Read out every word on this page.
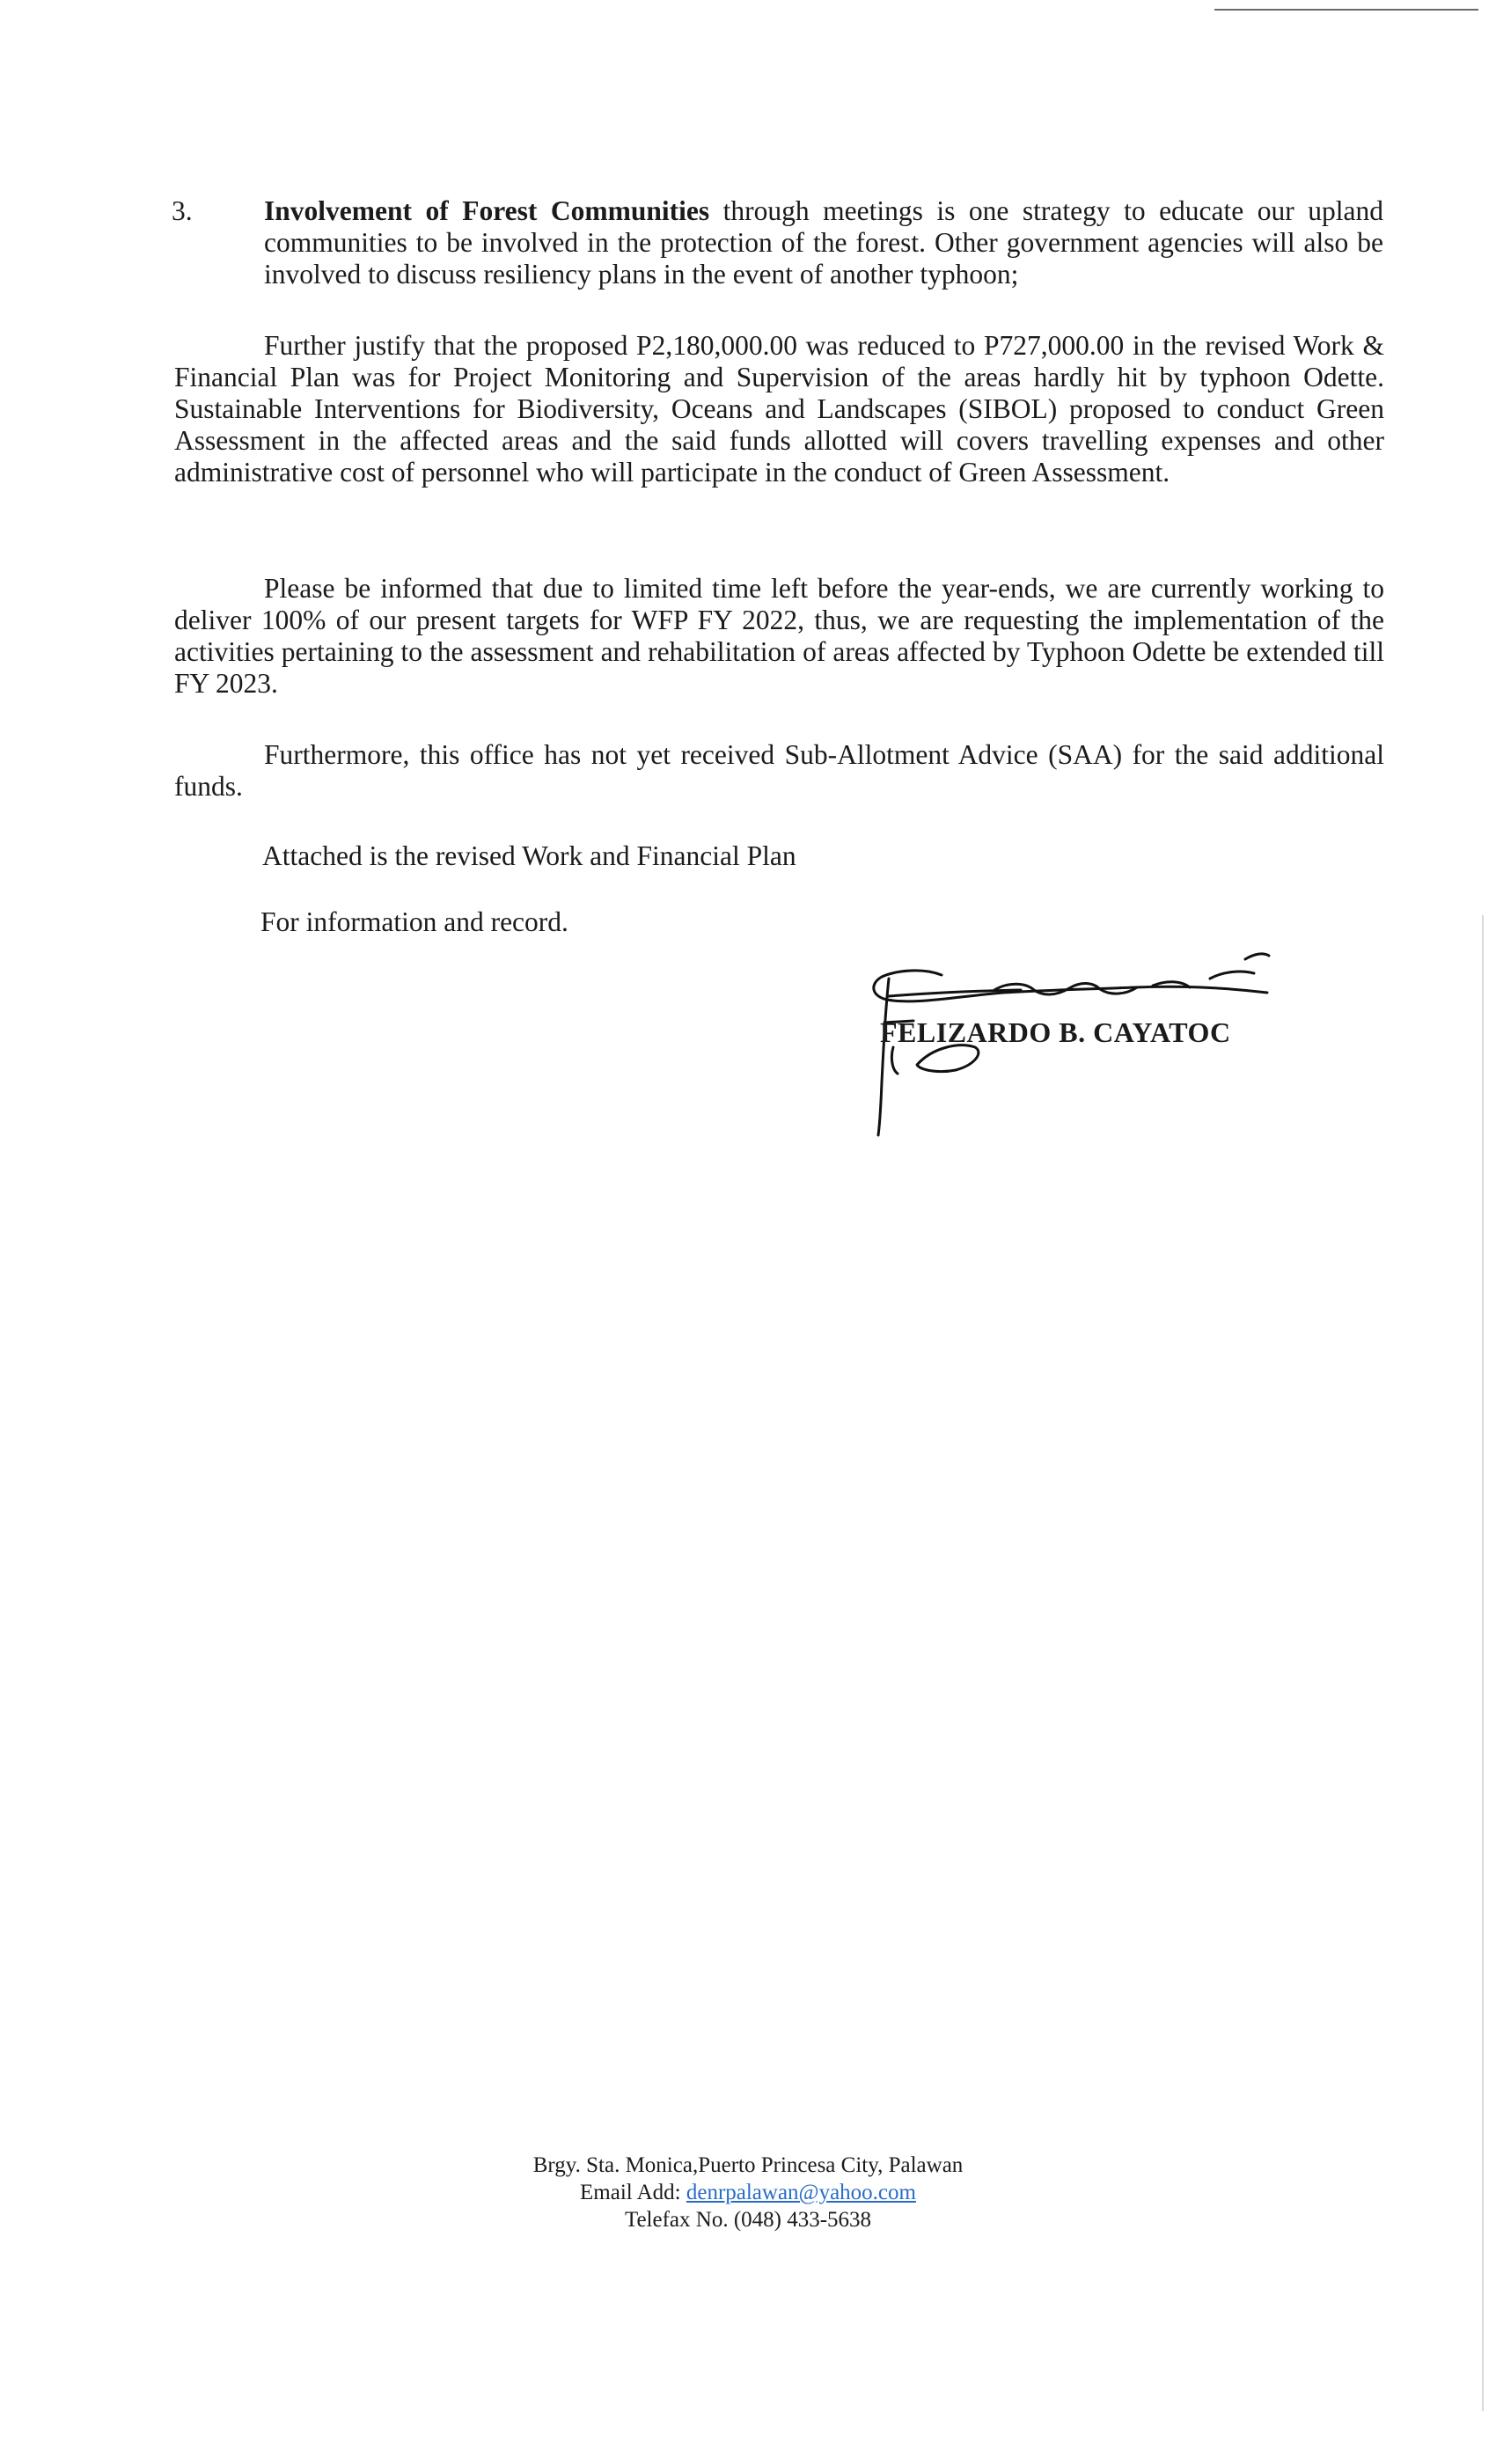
3.	Involvement of Forest Communities through meetings is one strategy to educate our upland communities to be involved in the protection of the forest. Other government agencies will also be involved to discuss resiliency plans in the event of another typhoon;
Further justify that the proposed P2,180,000.00 was reduced to P727,000.00 in the revised Work & Financial Plan was for Project Monitoring and Supervision of the areas hardly hit by typhoon Odette. Sustainable Interventions for Biodiversity, Oceans and Landscapes (SIBOL) proposed to conduct Green Assessment in the affected areas and the said funds allotted will covers travelling expenses and other administrative cost of personnel who will participate in the conduct of Green Assessment.
Please be informed that due to limited time left before the year-ends, we are currently working to deliver 100% of our present targets for WFP FY 2022, thus, we are requesting the implementation of the activities pertaining to the assessment and rehabilitation of areas affected by Typhoon Odette be extended till FY 2023.
Furthermore, this office has not yet received Sub-Allotment Advice (SAA) for the said additional funds.
Attached is the revised Work and Financial Plan
For information and record.
FELIZARDO B. CAYATOC
Brgy. Sta. Monica,Puerto Princesa City, Palawan
Email Add: denrpalawan@yahoo.com
Telefax No. (048) 433-5638
